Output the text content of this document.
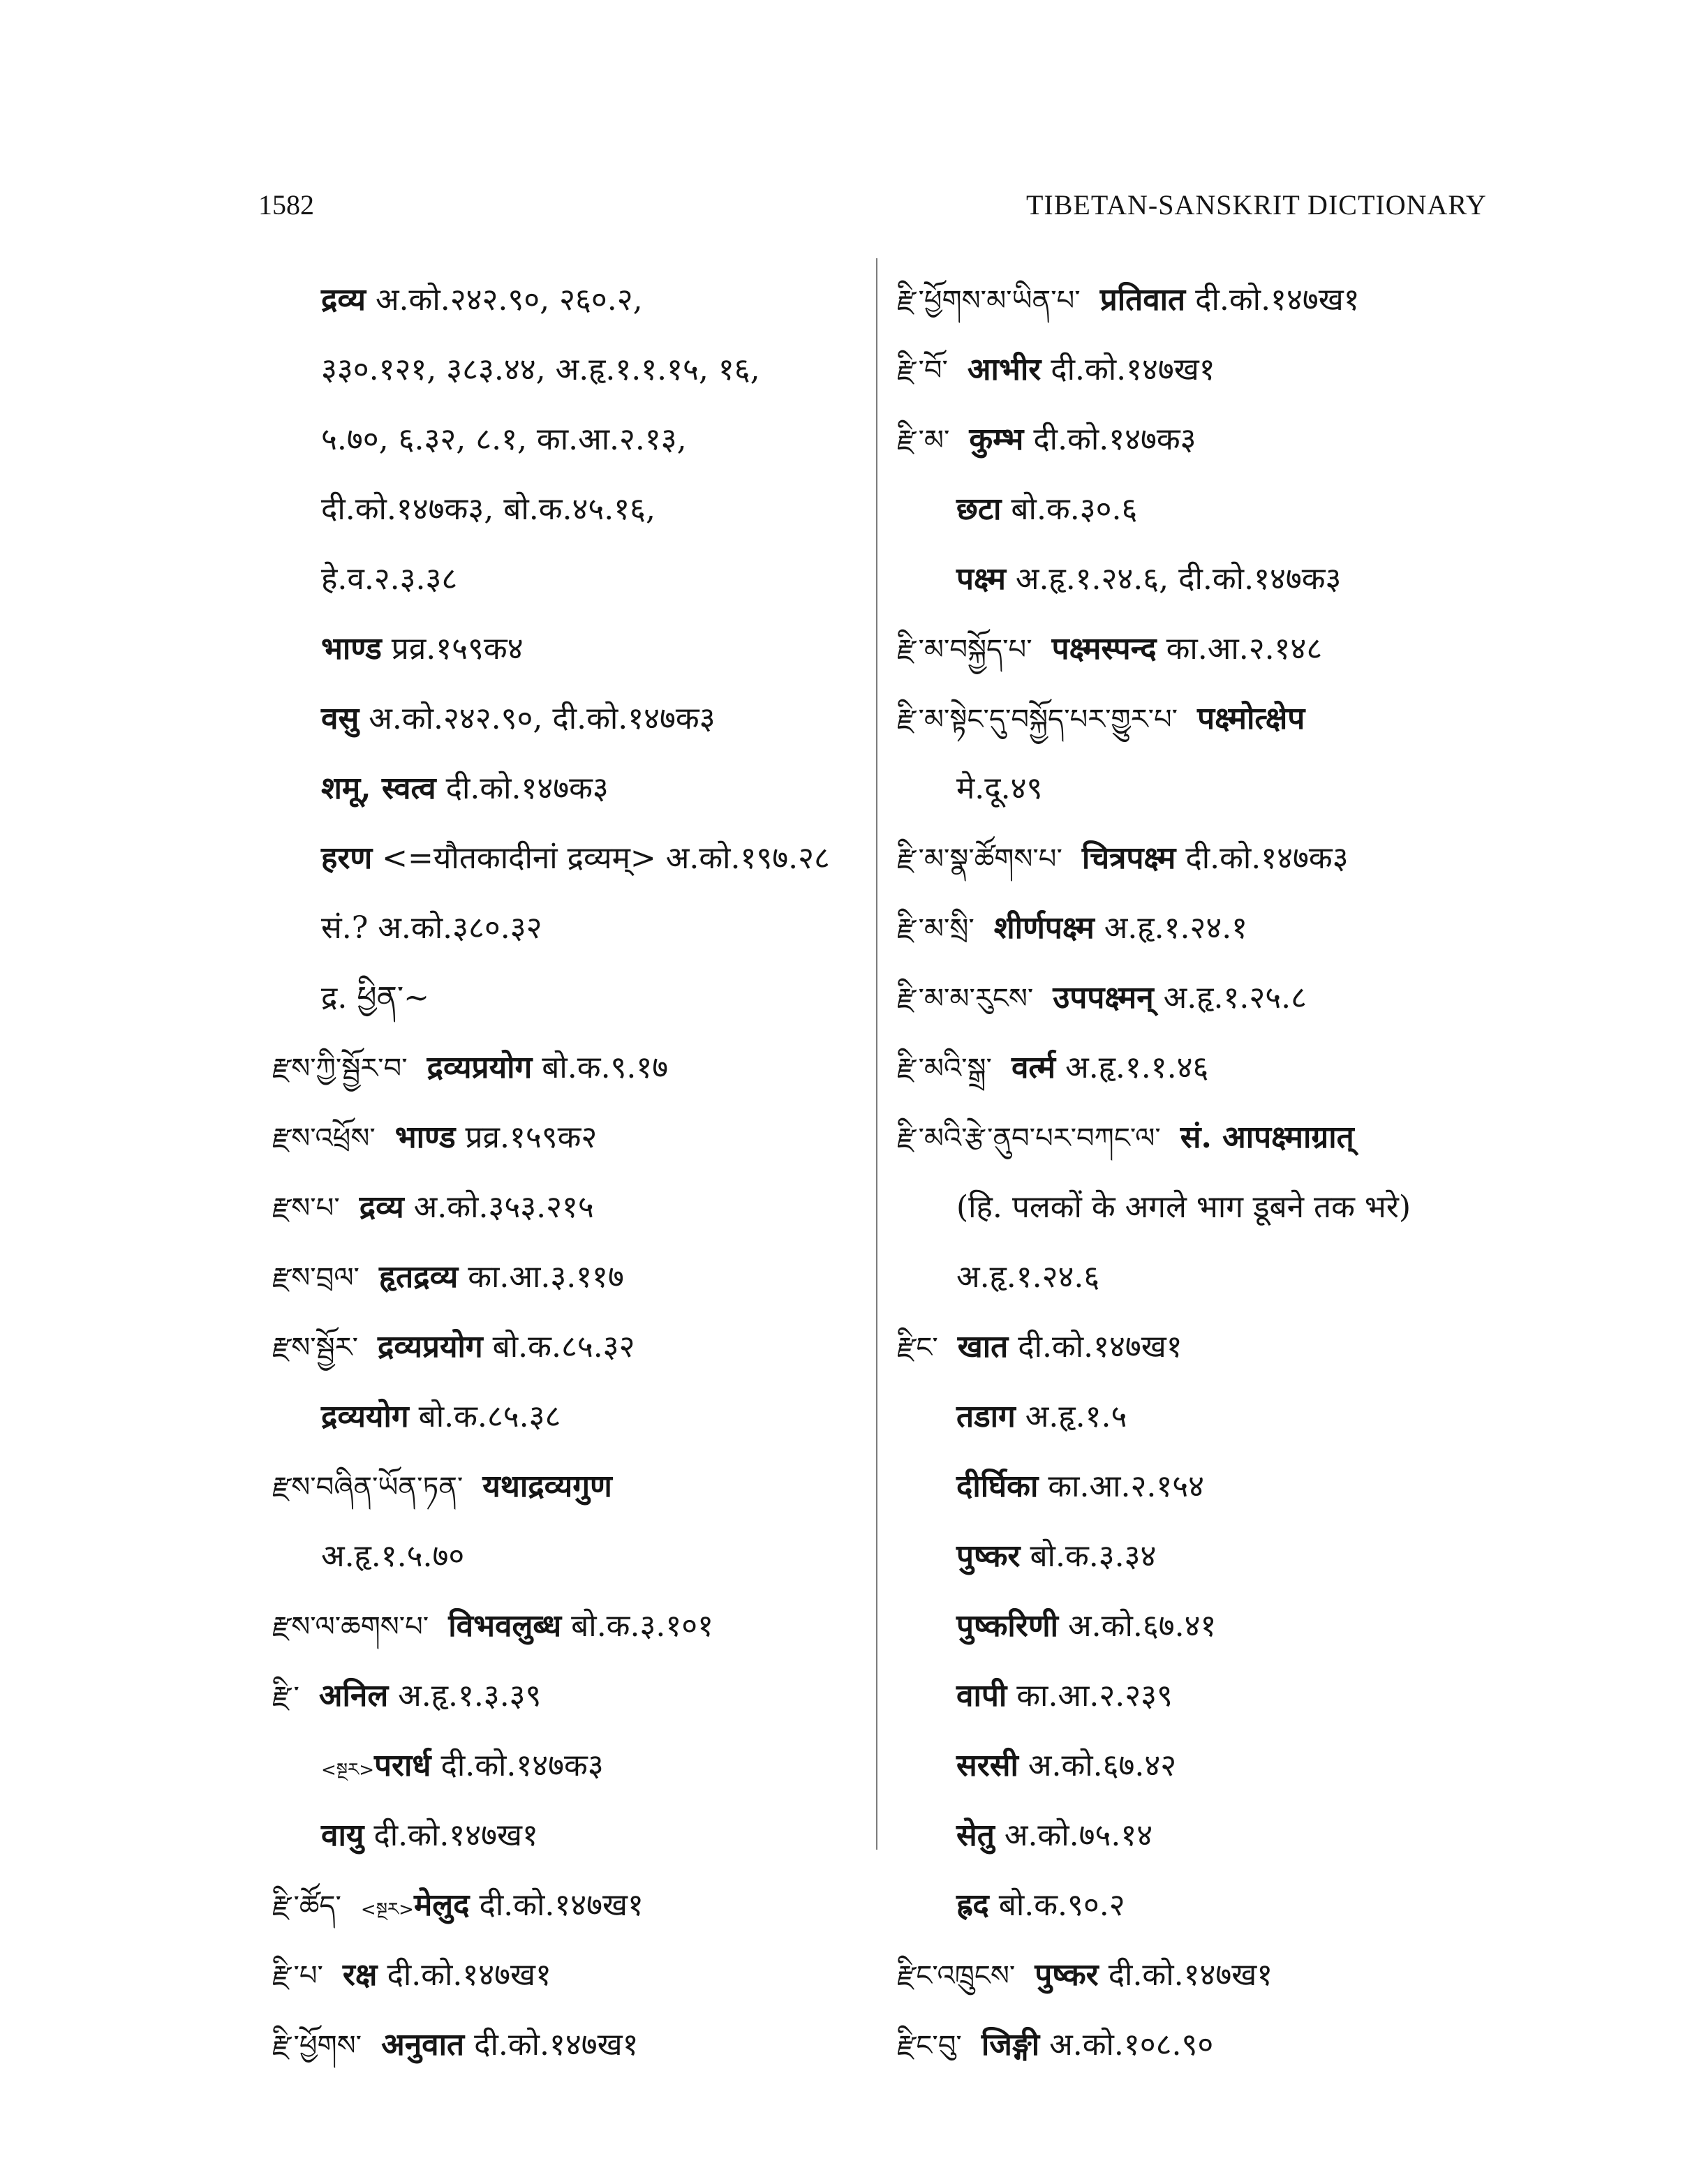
1582	TIBETAN-SANSKRIT DICTIONARY
द्रव्य अ.को.२४२.९०, २६०.२,
३३०.१२१, ३८३.४४, अ.हृ.१.१.१५, १६,
५.७०, ६.३२, ८.१, का.आ.२.१३,
दी.को.१४७क३, बो.क.४५.१६,
हे.व.२.३.३८
भाण्ड प्रव्र.१५९क४
वसु अ.को.२४२.९०, दी.को.१४७क३
शमू, स्वत्व दी.को.१४७क३
हरण <=यौतकादीनां द्रव्यम्> अ.को.१९७.२८
सं.? अ.को.३८०.३२
द्र. ཕྱིན་~
རྫས་ཀྱི་སྦྱོར་བ་ द्रव्यप्रयोग बो.क.९.१७
རྫས་འཕྲོས་ भाण्ड प्रव्र.१५९क२
རྫས་པ་ द्रव्य अ.को.३५३.२१५
རྫས་བྲལ་ हृतद्रव्य का.आ.३.११७
རྫས་སྦྱོར་ द्रव्यप्रयोग बो.क.८५.३२
द्रव्ययोग बो.क.८५.३८
རྫས་བཞིན་ཡོན་ཏན་ यथाद्रव्यगुण
अ.हृ.१.५.७०
རྫས་ལ་ཆགས་པ་ विभवलुब्ध बो.क.३.१०१
རྫི་ अनिल अ.हृ.१.३.३९
<སྔར>परार्ध दी.को.१४७क३
वायु दी.को.१४७ख१
རྫི་ཚོད་ <སྔར>मेलुद दी.को.१४७ख१
རྫི་པ་ रक्ष दी.को.१४७ख१
རྫི་ཕྱོགས་ अनुवात दी.को.१४७ख१
རྫི་ཕྱོགས་མ་ཡིན་པ་ प्रतिवात दी.को.१४७ख१
རྫི་བོ་ आभीर दी.को.१४७ख१
རྫི་མ་ कुम्भ दी.को.१४७क३
छटा बो.क.३०.६
पक्ष्म अ.हृ.१.२४.६, दी.को.१४७क३
རྫི་མ་བསྐྱོད་པ་ पक्ष्मस्पन्द का.आ.२.१४८
རྫི་མ་སྟེང་དུ་བསྐྱོད་པར་གྱུར་པ་ पक्ष्मोत्क्षेप
मे.दू.४९
རྫི་མ་སྣ་ཚོགས་པ་ चित्रपक्ष्म दी.को.१४७क३
རྫི་མ་སྲི་ शीर्णपक्ष्म अ.हृ.१.२४.१
རྫི་མ་མ་རུངས་ उपपक्ष्मन् अ.हृ.१.२५.८
རྫི་མའི་སྒྲ་ वर्त्म अ.हृ.१.१.४६
རྫི་མའི་རྩེ་ནུབ་པར་བཀང་ལ་ सं. आपक्ष्माग्रात्
(हि. पलकों के अगले भाग डूबने तक भरे)
अ.हृ.१.२४.६
རྫིང་ खात दी.को.१४७ख१
तडाग अ.हृ.१.५
दीर्घिका का.आ.२.१५४
पुष्कर बो.क.३.३४
पुष्करिणी अ.को.६७.४१
वापी का.आ.२.२३९
सरसी अ.को.६७.४२
सेतु अ.को.७५.१४
ह्रद बो.क.९०.२
རྫིང་འཁྲུངས་ पुष्कर दी.को.१४७ख१
རྫིང་བུ་ जिङ्गी अ.को.१०८.९०
